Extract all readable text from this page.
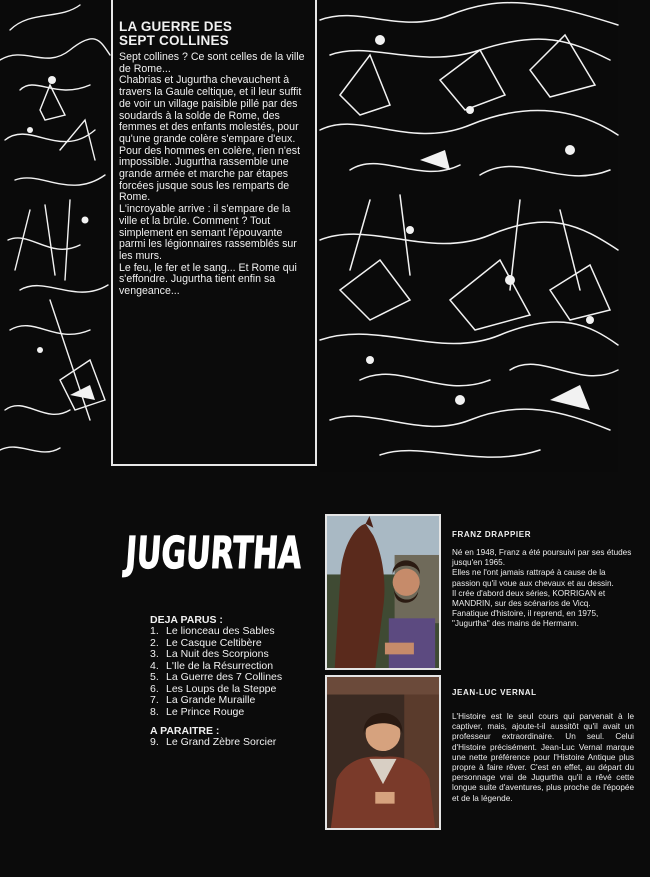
LA GUERRE DES
SEPT COLLINES

Sept collines ? Ce sont celles de la ville de Rome...

Chabrias et Jugurtha chevauchent à travers la Gaule celtique, et il leur suffit de voir un village paisible pillé par des soudards à la solde de Rome, des femmes et des enfants molestés, pour qu'une grande colère s'empare d'eux.

Pour des hommes en colère, rien n'est impossible. Jugurtha rassemble une grande armée et marche par étapes forcées jusque sous les remparts de Rome.

L'incroyable arrive : il s'empare de la ville et la brûle. Comment ? Tout simplement en semant l'épouvante parmi les légionnaires rassemblés sur les murs.

Le feu, le fer et le sang... Et Rome qui s'effondre. Jugurtha tient enfin sa vengeance...

JUGURTHA
DEJA PARUS :
1. Le lionceau des Sables
2. Le Casque Celtibère
3. La Nuit des Scorpions
4. L'Ile de la Résurrection
5. La Guerre des 7 Collines
6. Les Loups de la Steppe
7. La Grande Muraille
8. Le Prince Rouge
A PARAITRE :
9. Le Grand Zèbre Sorcier
FRANZ DRAPPIER

Né en 1948, Franz a été poursuivi par ses études jusqu'en 1965.

Elles ne l'ont jamais rattrapé à cause de la passion qu'il voue aux chevaux et au dessin.

Il crée d'abord deux séries, KORRIGAN et MANDRIN, sur des scénarios de Vicq.

Fanatique d'histoire, il reprend, en 1975, "Jugurtha" des mains de Hermann.

JEAN-LUC VERNAL

L'Histoire est le seul cours qui parvenait à le captiver, mais, ajoute-t-il aussitôt qu'il avait un professeur extraordinaire. Un seul. Celui d'Histoire précisément. Jean-Luc Vernal marque une nette préférence pour l'Histoire Antique plus propre à faire rêver. C'est en effet, au départ du personnage vrai de Jugurtha qu'il a rêvé cette longue suite d'aventures, plus proche de l'épopée et de la légende.
